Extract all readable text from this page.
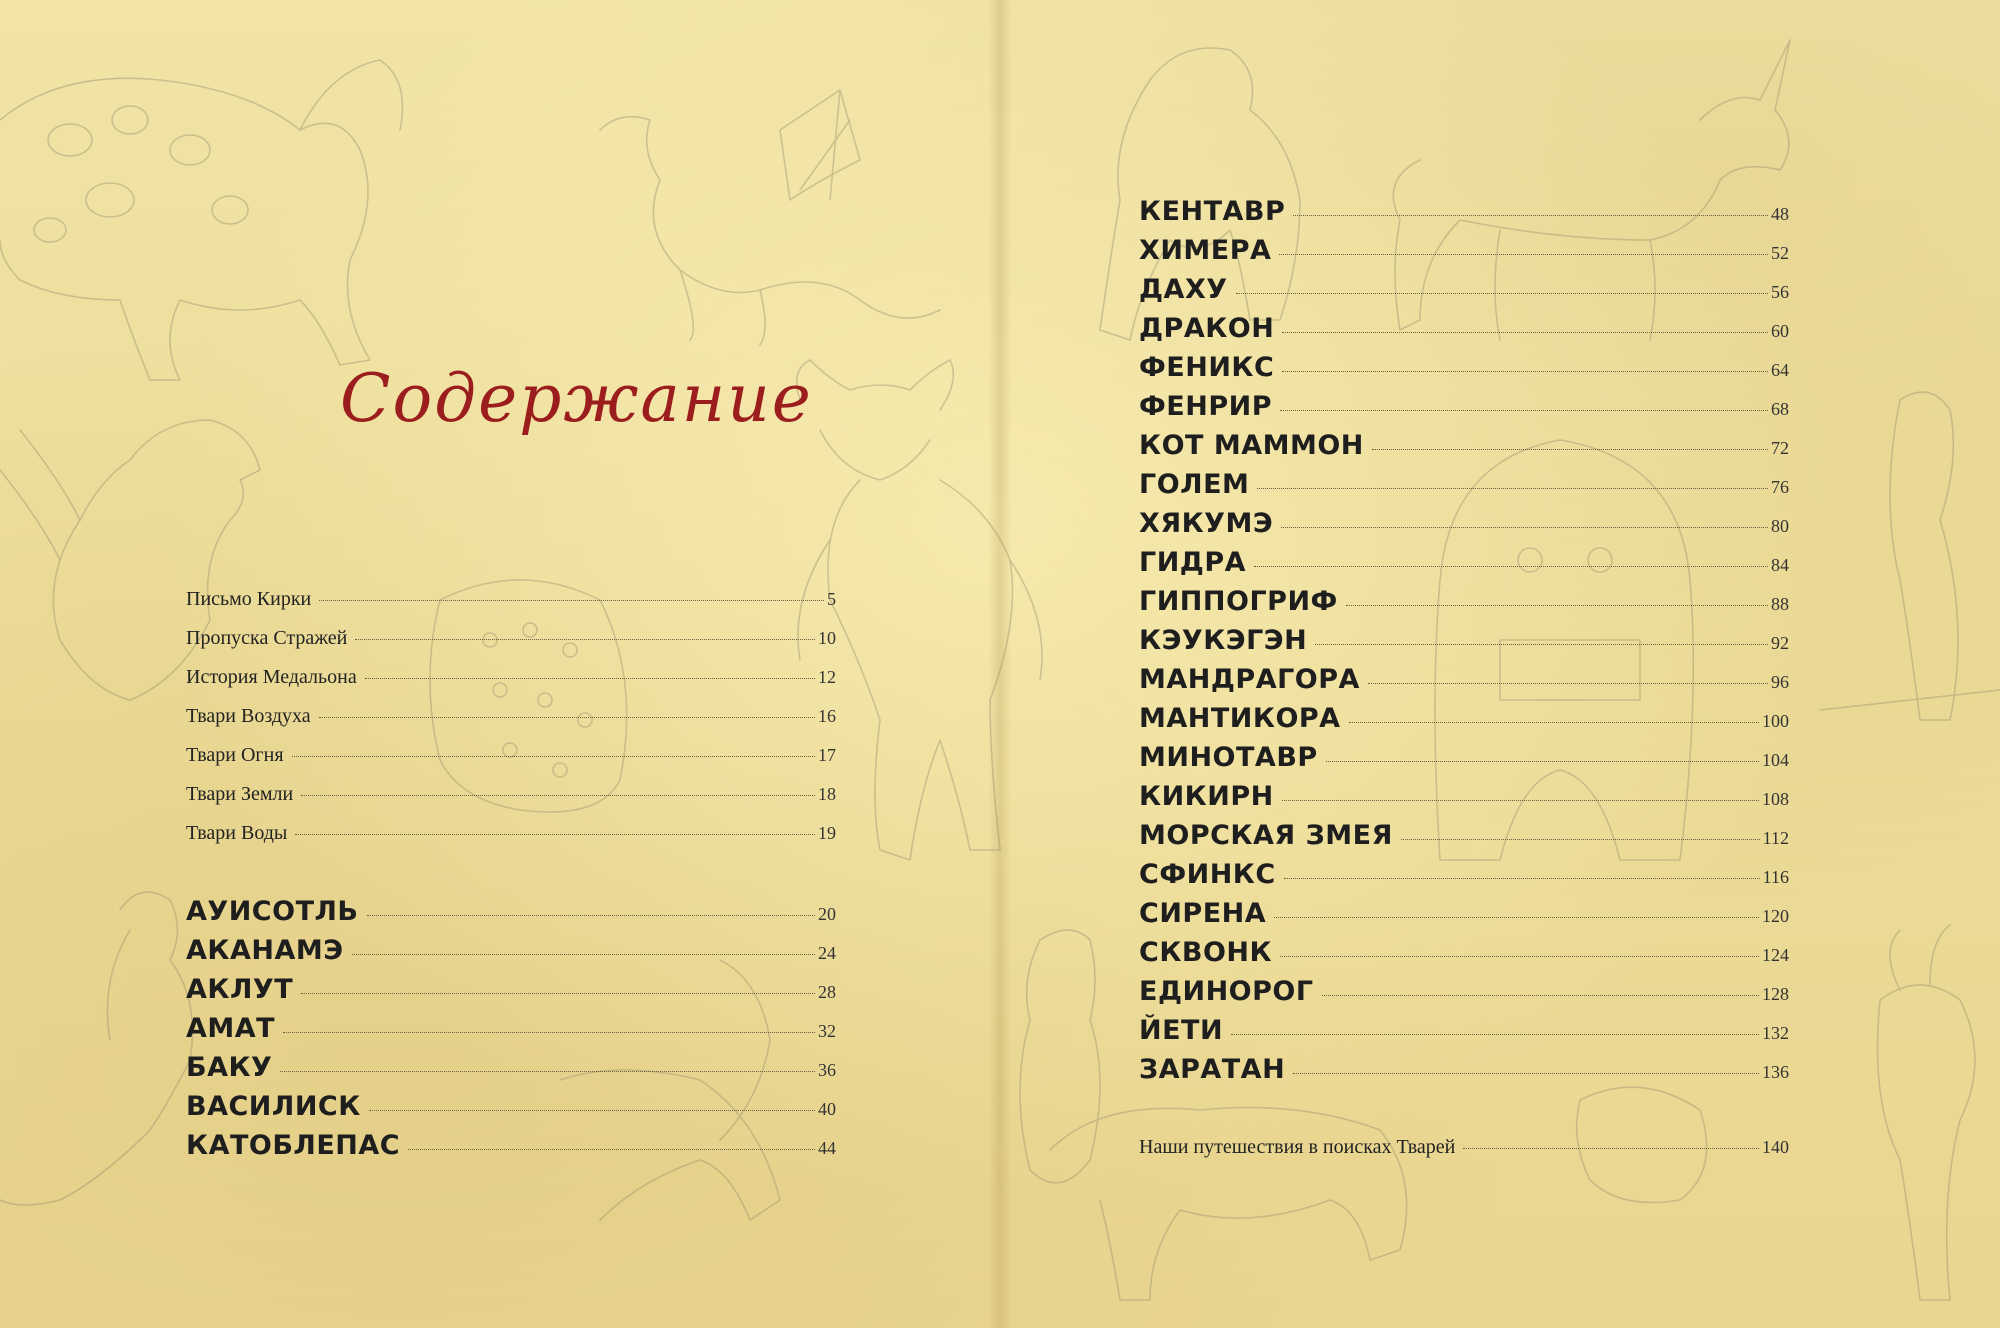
Содержание
Письмо Кирки	5
Пропуска Стражей	10
История Медальона	12
Твари Воздуха	16
Твари Огня	17
Твари Земли	18
Твари Воды	19
АУИСОТЛЬ	20
АКАНАМЭ	24
АКЛУТ	28
АМАТ	32
БАКУ	36
ВАСИЛИСК	40
КАТОБЛЕПАС	44
КЕНТАВР	48
ХИМЕРА	52
ДАХУ	56
ДРАКОН	60
ФЕНИКС	64
ФЕНРИР	68
КОТ МАММОН	72
ГОЛЕМ	76
ХЯКУМЭ	80
ГИДРА	84
ГИППОГРИФ	88
КЭУКЭГЭН	92
МАНДРАГОРА	96
МАНТИКОРА	100
МИНОТАВР	104
КИКИРН	108
МОРСКАЯ ЗМЕЯ	112
СФИНКС	116
СИРЕНА	120
СКВОНК	124
ЕДИНОРОГ	128
ЙЕТИ	132
ЗАРАТАН	136
Наши путешествия в поисках Тварей	140
